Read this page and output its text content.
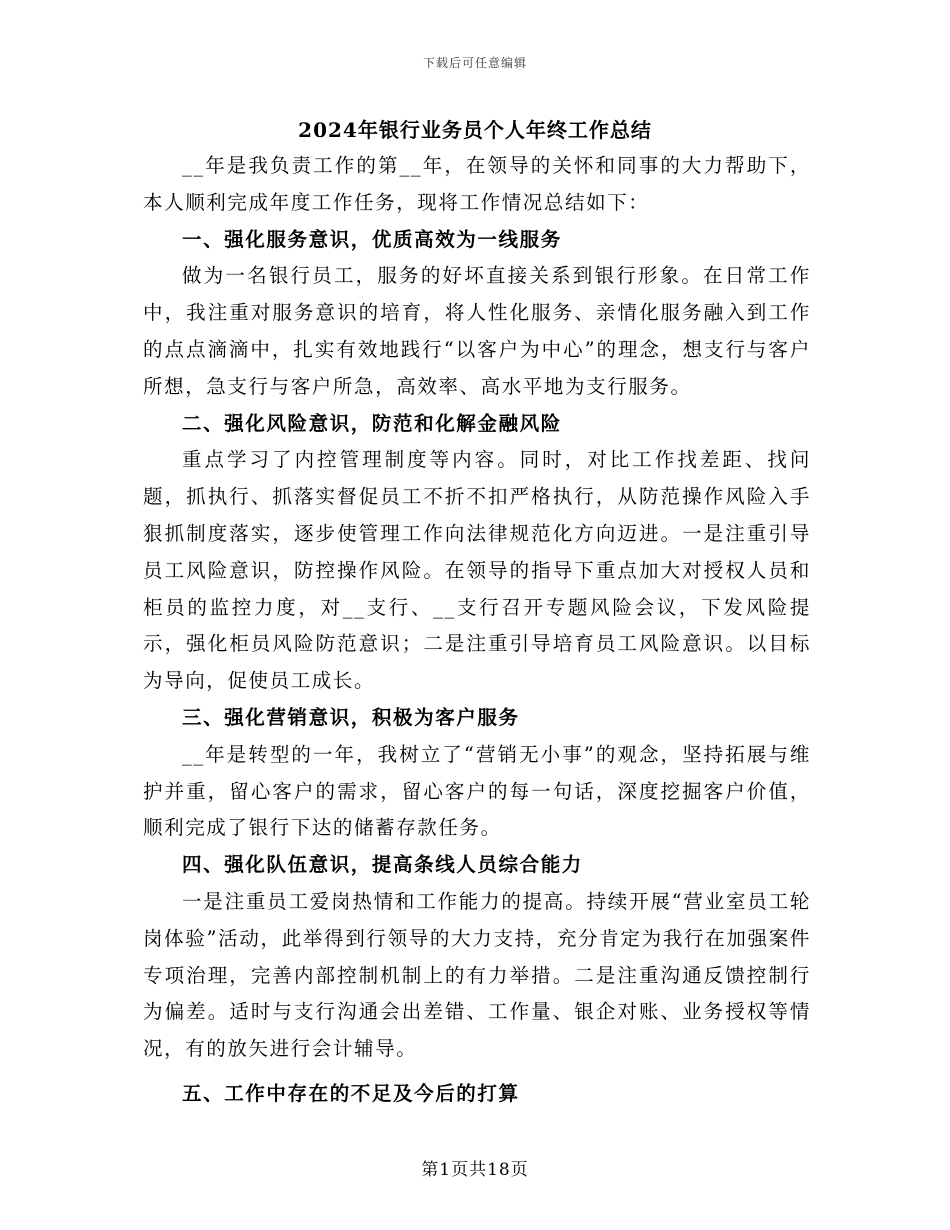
下载后可任意编辑
2024年银行业务员个人年终工作总结

__年是我负责工作的第__年，在领导的关怀和同事的大力帮助下，本人顺利完成年度工作任务，现将工作情况总结如下：

一、强化服务意识，优质高效为一线服务

做为一名银行员工，服务的好坏直接关系到银行形象。在日常工作中，我注重对服务意识的培育，将人性化服务、亲情化服务融入到工作的点点滴滴中，扎实有效地践行“以客户为中心”的理念，想支行与客户所想，急支行与客户所急，高效率、高水平地为支行服务。

二、强化风险意识，防范和化解金融风险

重点学习了内控管理制度等内容。同时，对比工作找差距、找问题，抓执行、抓落实督促员工不折不扣严格执行，从防范操作风险入手狠抓制度落实，逐步使管理工作向法律规范化方向迈进。一是注重引导员工风险意识，防控操作风险。在领导的指导下重点加大对授权人员和柜员的监控力度，对__支行、__支行召开专题风险会议，下发风险提示，强化柜员风险防范意识；二是注重引导培育员工风险意识。以目标为导向，促使员工成长。

三、强化营销意识，积极为客户服务

__年是转型的一年，我树立了“营销无小事”的观念，坚持拓展与维护并重，留心客户的需求，留心客户的每一句话，深度挖掘客户价值，顺利完成了银行下达的储蓄存款任务。

四、强化队伍意识，提高条线人员综合能力

一是注重员工爱岗热情和工作能力的提高。持续开展“营业室员工轮岗体验”活动，此举得到行领导的大力支持，充分肯定为我行在加强案件专项治理，完善内部控制机制上的有力举措。二是注重沟通反馈控制行为偏差。适时与支行沟通会出差错、工作量、银企对账、业务授权等情况，有的放矢进行会计辅导。

五、工作中存在的不足及今后的打算

第1页共18页
